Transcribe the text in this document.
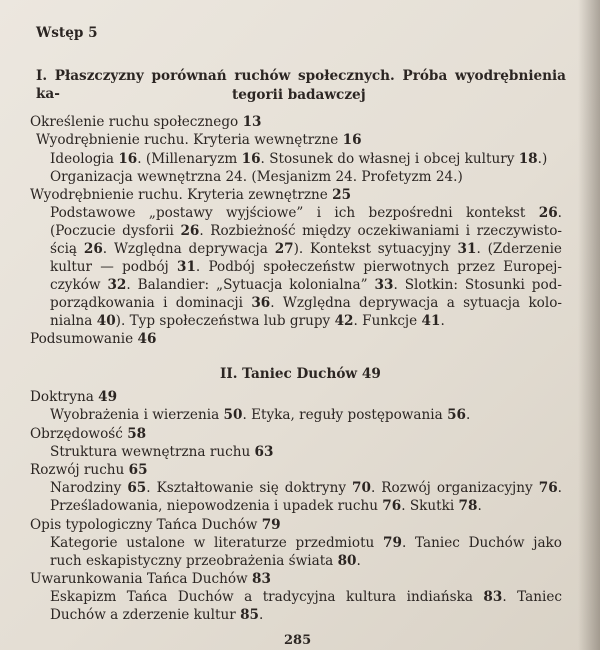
Wstęp 5
I. Płaszczyzny porównań ruchów społecznych. Próba wyodrębnienia ka-	tegorii badawczej
Określenie ruchu społecznego 13
Wyodrębnienie ruchu. Kryteria wewnętrzne 16
Ideologia 16. (Millenaryzm 16. Stosunek do własnej i obcej kultury 18.)
Organizacja wewnętrzna 24. (Mesjanizm 24. Profetyzm 24.)
Wyodrębnienie ruchu. Kryteria zewnętrzne 25
Podstawowe „postawy wyjściowe” i ich bezpośredni kontekst 26.
(Poczucie dysforii 26. Rozbieżność między oczekiwaniami i rzeczywisto-
ścią 26. Względna deprywacja 27). Kontekst sytuacyjny 31. (Zderzenie
kultur — podbój 31. Podbój społeczeństw pierwotnych przez Europej-
czyków 32. Balandier: „Sytuacja kolonialna” 33. Slotkin: Stosunki pod-
porządkowania i dominacji 36. Względna deprywacja a sytuacja kolo-
nialna 40). Typ społeczeństwa lub grupy 42. Funkcje 41.
Podsumowanie 46
II. Taniec Duchów 49
Doktryna 49
Wyobrażenia i wierzenia 50. Etyka, reguły postępowania 56.
Obrzędowość 58
Struktura wewnętrzna ruchu 63
Rozwój ruchu 65
Narodziny 65. Kształtowanie się doktryny 70. Rozwój organizacyjny 76.
Prześladowania, niepowodzenia i upadek ruchu 76. Skutki 78.
Opis typologiczny Tańca Duchów 79
Kategorie ustalone w literaturze przedmiotu 79. Taniec Duchów jako
ruch eskapistyczny przeobrażenia świata 80.
Uwarunkowania Tańca Duchów 83
Eskapizm Tańca Duchów a tradycyjna kultura indiańska 83. Taniec
Duchów a zderzenie kultur 85.
285
